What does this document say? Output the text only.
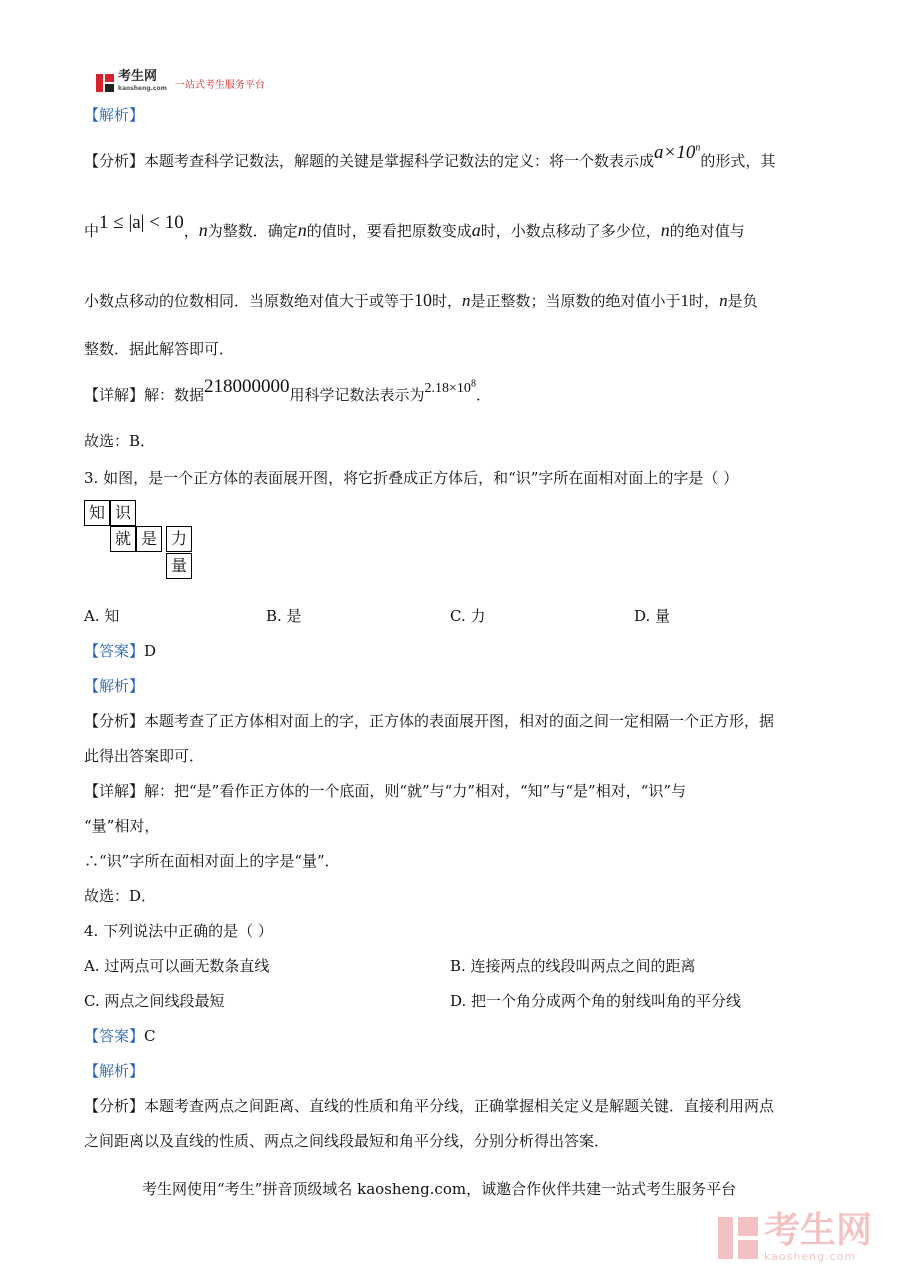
考生网
kaosheng.com 一站式考生服务平台
【解析】
【分析】本题考查科学记数法，解题的关键是掌握科学记数法的定义：将一个数表示成$a\times 10^n$的形式，其
中1 ≤ |a| < 10，n为整数．确定n的值时，要看把原数变成a时，小数点移动了多少位，n的绝对值与
小数点移动的位数相同．当原数绝对值大于或等于10时，n是正整数；当原数的绝对值小于1时，n是负
整数．据此解答即可．
【详解】解：数据218000000用科学记数法表示为$2.18\times 10^8$．
故选：B．
3. 如图，是一个正方体的表面展开图，将它折叠成正方体后，和“识”字所在面相对面上的字是（ ）
知 识
就 是 力
量
A. 知	B. 是	C. 力	D. 量
【答案】D
【解析】
【分析】本题考查了正方体相对面上的字，正方体的表面展开图，相对的面之间一定相隔一个正方形，据
此得出答案即可．
【详解】解：把“是”看作正方体的一个底面，则“就”与“力”相对，“知”与“是”相对，“识”与
“量”相对，
∴“识”字所在面相对面上的字是“量”．
故选：D．
4. 下列说法中正确的是（ ）
A. 过两点可以画无数条直线	B. 连接两点的线段叫两点之间的距离
C. 两点之间线段最短	D. 把一个角分成两个角的射线叫角的平分线
【答案】C
【解析】
【分析】本题考查两点之间距离、直线的性质和角平分线，正确掌握相关定义是解题关键．直接利用两点
之间距离以及直线的性质、两点之间线段最短和角平分线，分别分析得出答案．
考生网使用“考生”拼音顶级域名 kaosheng.com，诚邀合作伙伴共建一站式考生服务平台
考生网
kaosheng.com
